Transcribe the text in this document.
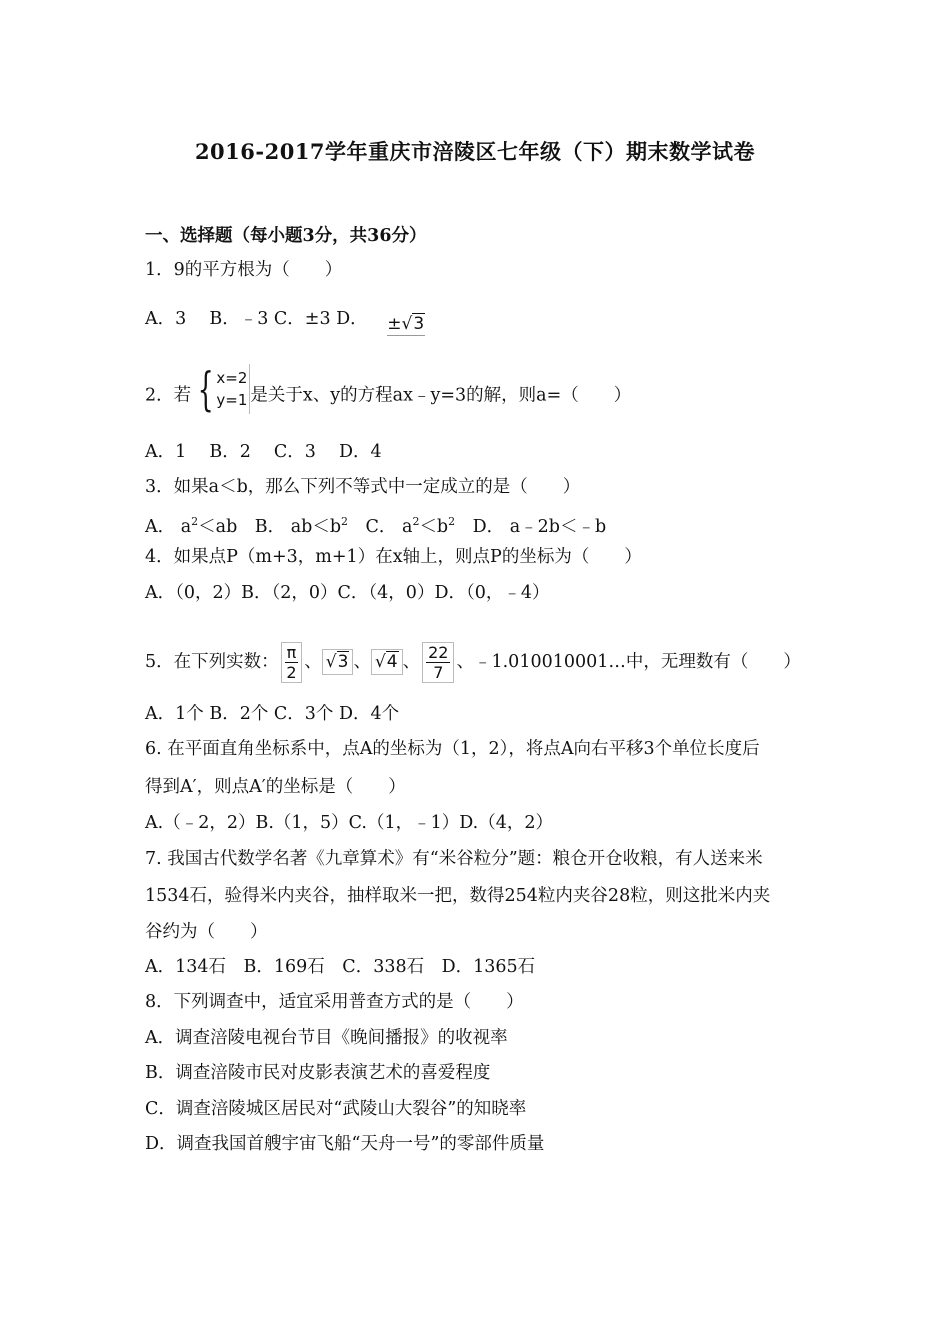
2016-2017学年重庆市涪陵区七年级（下）期末数学试卷
一、选择题（每小题3分，共36分）
1．9的平方根为（　　）
A．3　 B．﹣3 C．±3 D． ±√3
2．若 { x=2
y=1 是关于x、y的方程ax﹣y=3的解，则a=（　　）
A．1　 B．2　 C．3　 D．4
3．如果a＜b，那么下列不等式中一定成立的是（　　）
A． $a^2<ab$　B． $ab<b^2$　C． $a^2<b^2$　D． a﹣2b＜﹣b
4．如果点P（m+3，m+1）在x轴上，则点P的坐标为（　　）
A．（0，2）B．（2，0）C．（4，0）D．（0，﹣4）
5．在下列实数： $\frac{\pi}{2}$ 、 √3 、 √4 、 $\frac{22}{7}$ 、﹣1.010010001…中，无理数有（　　）
A．1个 B．2个 C．3个 D．4个
6. 在平面直角坐标系中，点A的坐标为（1，2），将点A向右平移3个单位长度后
得到A′，则点A′的坐标是（　　）
A.（﹣2，2）B.（1，5）C.（1，﹣1）D.（4，2）
7. 我国古代数学名著《九章算术》有“米谷粒分”题：粮仓开仓收粮，有人送来米
1534石，验得米内夹谷，抽样取米一把，数得254粒内夹谷28粒，则这批米内夹
谷约为（　　）
A．134石　B．169石　C．338石　D．1365石
8．下列调查中，适宜采用普查方式的是（　　）
A．调查涪陵电视台节目《晚间播报》的收视率
B．调查涪陵市民对皮影表演艺术的喜爱程度
C．调查涪陵城区居民对“武陵山大裂谷”的知晓率
D．调查我国首艘宇宙飞船“天舟一号”的零部件质量
